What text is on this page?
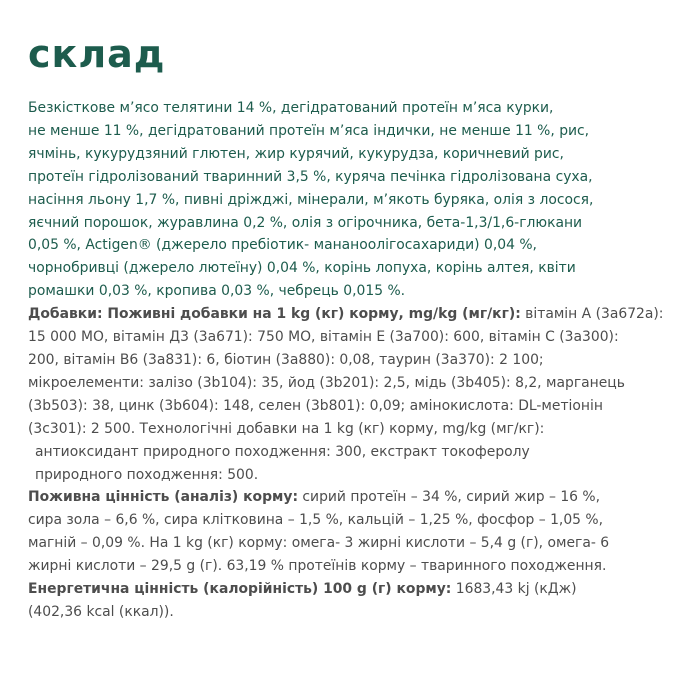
склад
Безкісткове м’ясо телятини 14 %, дегідратований протеїн м’яса курки,
не менше 11 %, дегідратований протеїн м’яса індички, не менше 11 %, рис,
ячмінь, кукурудзяний глютен, жир курячий, кукурудза, коричневий рис,
протеїн гідролізований тваринний 3,5 %, куряча печінка гідролізована суха,
насіння льону 1,7 %, пивні дріжджі, мінерали, м’якоть буряка, олія з лосося,
яєчний порошок, журавлина 0,2 %, олія з огірочника, бета-1,3/1,6-глюкани
0,05 %, Actigen® (джерело пребіотик- мананоолігосахариди) 0,04 %,
чорнобривці (джерело лютеїну) 0,04 %, корінь лопуха, корінь алтея, квіти
ромашки 0,03 %, кропива 0,03 %, чебрець 0,015 %.
Добавки: Поживні добавки на 1 kg (кг) корму, mg/kg (мг/кг): вітамін А (3а672а):
15 000 МО, вітамін Д3 (3а671): 750 МО, вітамін Е (3а700): 600, вітамін С (3а300):
200, вітамін В6 (3а831): 6, біотин (3а880): 0,08, таурин (3а370): 2 100;
мікроелементи: залізо (3b104): 35, йод (3b201): 2,5, мідь (3b405): 8,2, марганець
(3b503): 38, цинк (3b604): 148, селен (3b801): 0,09; амінокислота: DL-метіонін
(3с301): 2 500. Технологічні добавки на 1 kg (кг) корму, mg/kg (мг/кг):
антиоксидант природного походження: 300, екстракт токоферолу
природного походження: 500.
Поживна цінність (аналіз) корму: сирий протеїн – 34 %, сирий жир – 16 %,
сира зола – 6,6 %, сира клітковина – 1,5 %, кальцій – 1,25 %, фосфор – 1,05 %,
магній – 0,09 %. На 1 kg (кг) корму: омега- 3 жирні кислоти – 5,4 g (г), омега- 6
жирні кислоти – 29,5 g (г). 63,19 % протеїнів корму – тваринного походження.
Енергетична цінність (калорійність) 100 g (г) корму: 1683,43 kj (кДж)
(402,36 kcal (ккал)).
